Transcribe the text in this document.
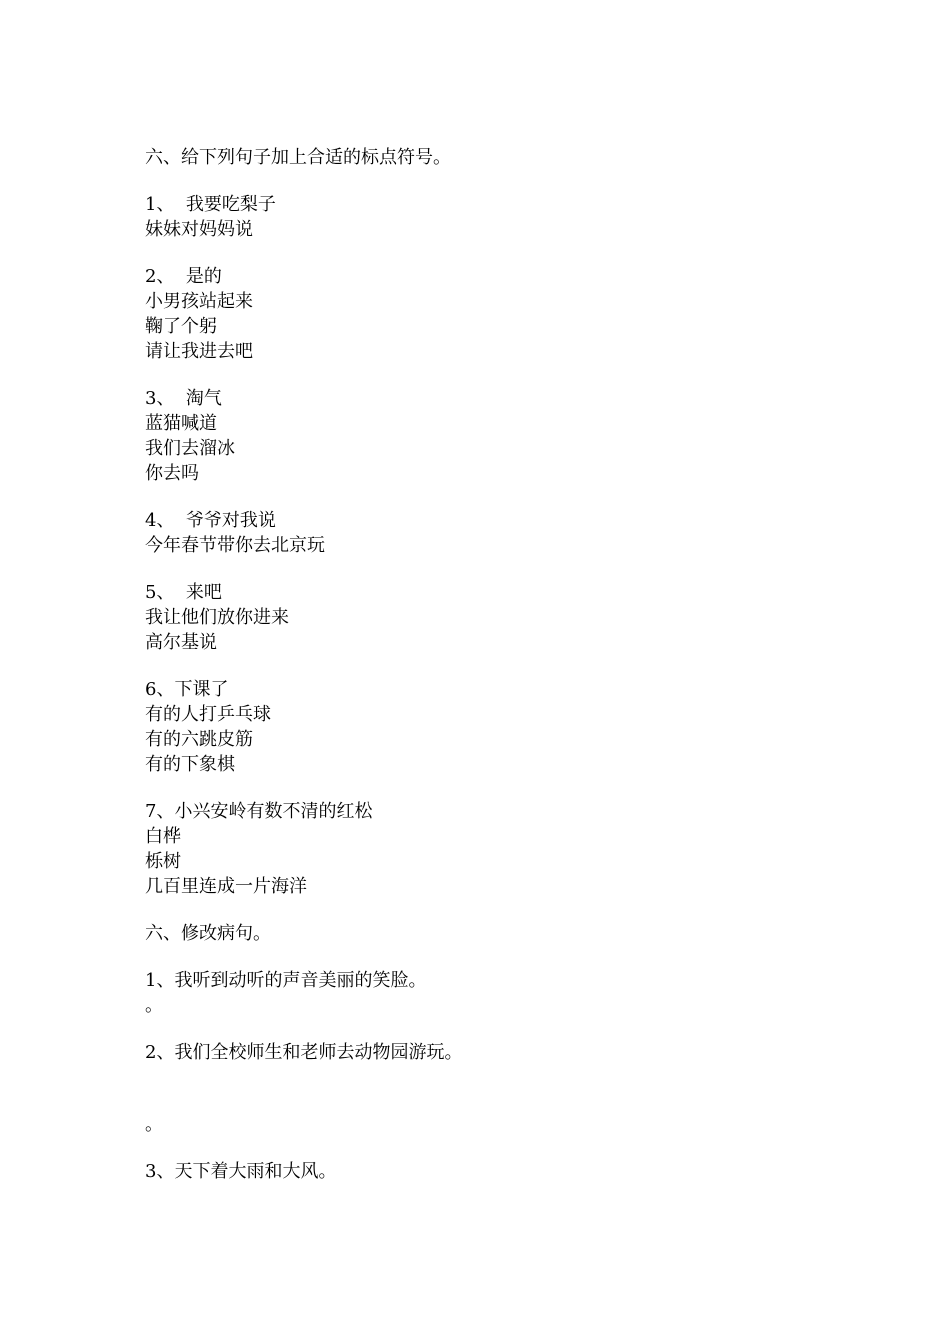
六、给下列句子加上合适的标点符号。
1、  我要吃梨子
妹妹对妈妈说
2、  是的
小男孩站起来
鞠了个躬
请让我进去吧
3、  淘气
蓝猫喊道
我们去溜冰
你去吗
4、  爷爷对我说
今年春节带你去北京玩
5、  来吧
我让他们放你进来
高尔基说
6、下课了
有的人打乒乓球
有的六跳皮筋
有的下象棋
7、小兴安岭有数不清的红松
白桦
栎树
几百里连成一片海洋
六、修改病句。
1、我听到动听的声音美丽的笑脸。
。
2、我们全校师生和老师去动物园游玩。
。
3、天下着大雨和大风。
